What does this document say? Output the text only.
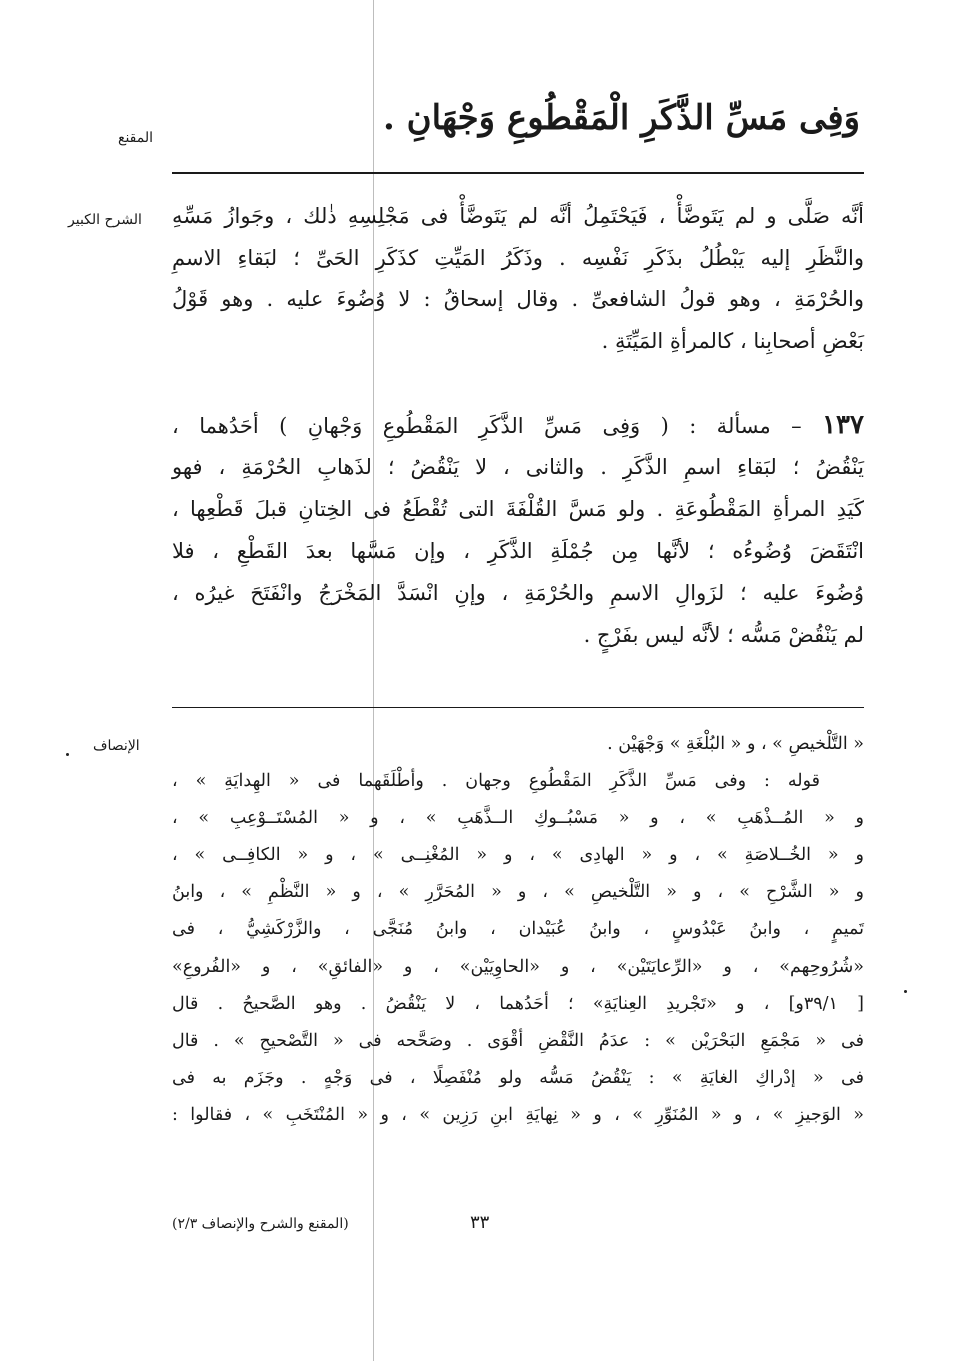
المقنع
الشرح الكبير
الإنصاف
وَفِى مَسِّ الذَّكَرِ الْمَقْطُوعِ وَجْهَانِ .
أنَّه صَلَّى و لم يَتَوضَّأْ ، فَيَحْتَمِلُ أنَّه لم يَتَوضَّأْ فى مَجْلِسِهِ ذٰلك ، وجَوازُ مَسِّهِ
والنَّظَرِ إليه يَبْطُلُ بذَكَرِ نَفْسِه . وذَكَرُ المَيِّتِ كذَكَرِ الحَىِّ ؛ لبَقاءِ الاسمِ
والحُرْمَةِ ، وهو قولُ الشافعىِّ . وقال إسحاقُ : لا وُضُوءَ عليه . وهو قَوْلُ
بَعْضِ أصحابِنا ، كالمرأةِ المَيِّتَةِ .
١٣٧ – مسألة : ( وَفِى مَسِّ الذَّكَرِ المَقْطُوعِ وَجْهانِ ) أحَدُهما ،
يَنْقُضُ ؛ لبَقاءِ اسمِ الذَّكَرِ . والثانى ، لا يَنْقُضُ ؛ لذَهابِ الحُرْمَةِ ، فهو
كَيَدِ المرأةِ المَقْطُوعَةِ . ولو مَسَّ القُلْفَةَ التى تُقْطَعُ فى الخِتانِ قبلَ قَطْعِها ،
انْتَقَضَ وُضُوءُه ؛ لأنَّها مِن جُمْلَةِ الذَّكَرِ ، وإن مَسَّها بعدَ القَطْعِ ، فلا
وُضُوءَ عليه ؛ لزَوالِ الاسمِ والحُرْمَةِ ، وإنِ انْسَدَّ المَخْرَجُ وانْفَتَحَ غيرُه ،
لم يَنْقُضْ مَسُّه ؛ لأنَّه ليس بفَرْجٍ .
« التَّلْخيصِ » ، و « البُلْغَةِ » وَجْهَيْن .
قوله : وفى مَسِّ الذَّكَرِ المَقْطُوعِ وجهان . وأطْلَقَهما فى « الهِدايَةِ » ،
و « المُــذْهَبِ » ، و « مَسْبُــوكِ الــذَّهَبِ » ، و « المُسْتَــوْعِبِ » ،
و « الخُــلاصَةِ » ، و « الهادِى » ، و « المُغْنِــى » ، و « الكافِــى » ،
و « الشَّرْحِ » ، و « التَّلْخيصِ » ، و « المُحَرَّرِ » ، و « النَّظْمِ » ، وابنُ
تَميمٍ ، وابنُ عَبْدُوسٍ ، وابنُ عُبَيْدان ، وابنُ مُنَجَّى ، والزَّرْكَشِيُّ ، فى
«شُرُوحِهم» ، و «الرِّعايَتَيْن» ، و «الحاوِيَيْن» ، و «الفائقِ» ، و «الفُروعِ»
[ ٣٩/١و] ، و «تَجْريدِ العِنايَةِ» ؛ أحَدُهما ، لا يَنْقُضُ . وهو الصَّحيحُ . قال
فى « مَجْمَعِ البَحْرَيْن » : عدَمُ النَّقْضِ أقْوَى . وصَحَّحه فى « التَّصْحيحِ » . قال
فى « إدْراكِ الغايَةِ » : يَنْقُضُ مَسُّه ولو مُنْفَصِلًا ، فى وَجْهٍ . وجَزَم به فى
« الوَجيزِ » ، و « المُنَوِّرِ » ، و « نِهايَةِ ابنِ رَزِين » ، و « المُنْتَخَبِ » ، فقالوا :
٣٣
(المقنع والشرح والإنصاف ٢/٣)
